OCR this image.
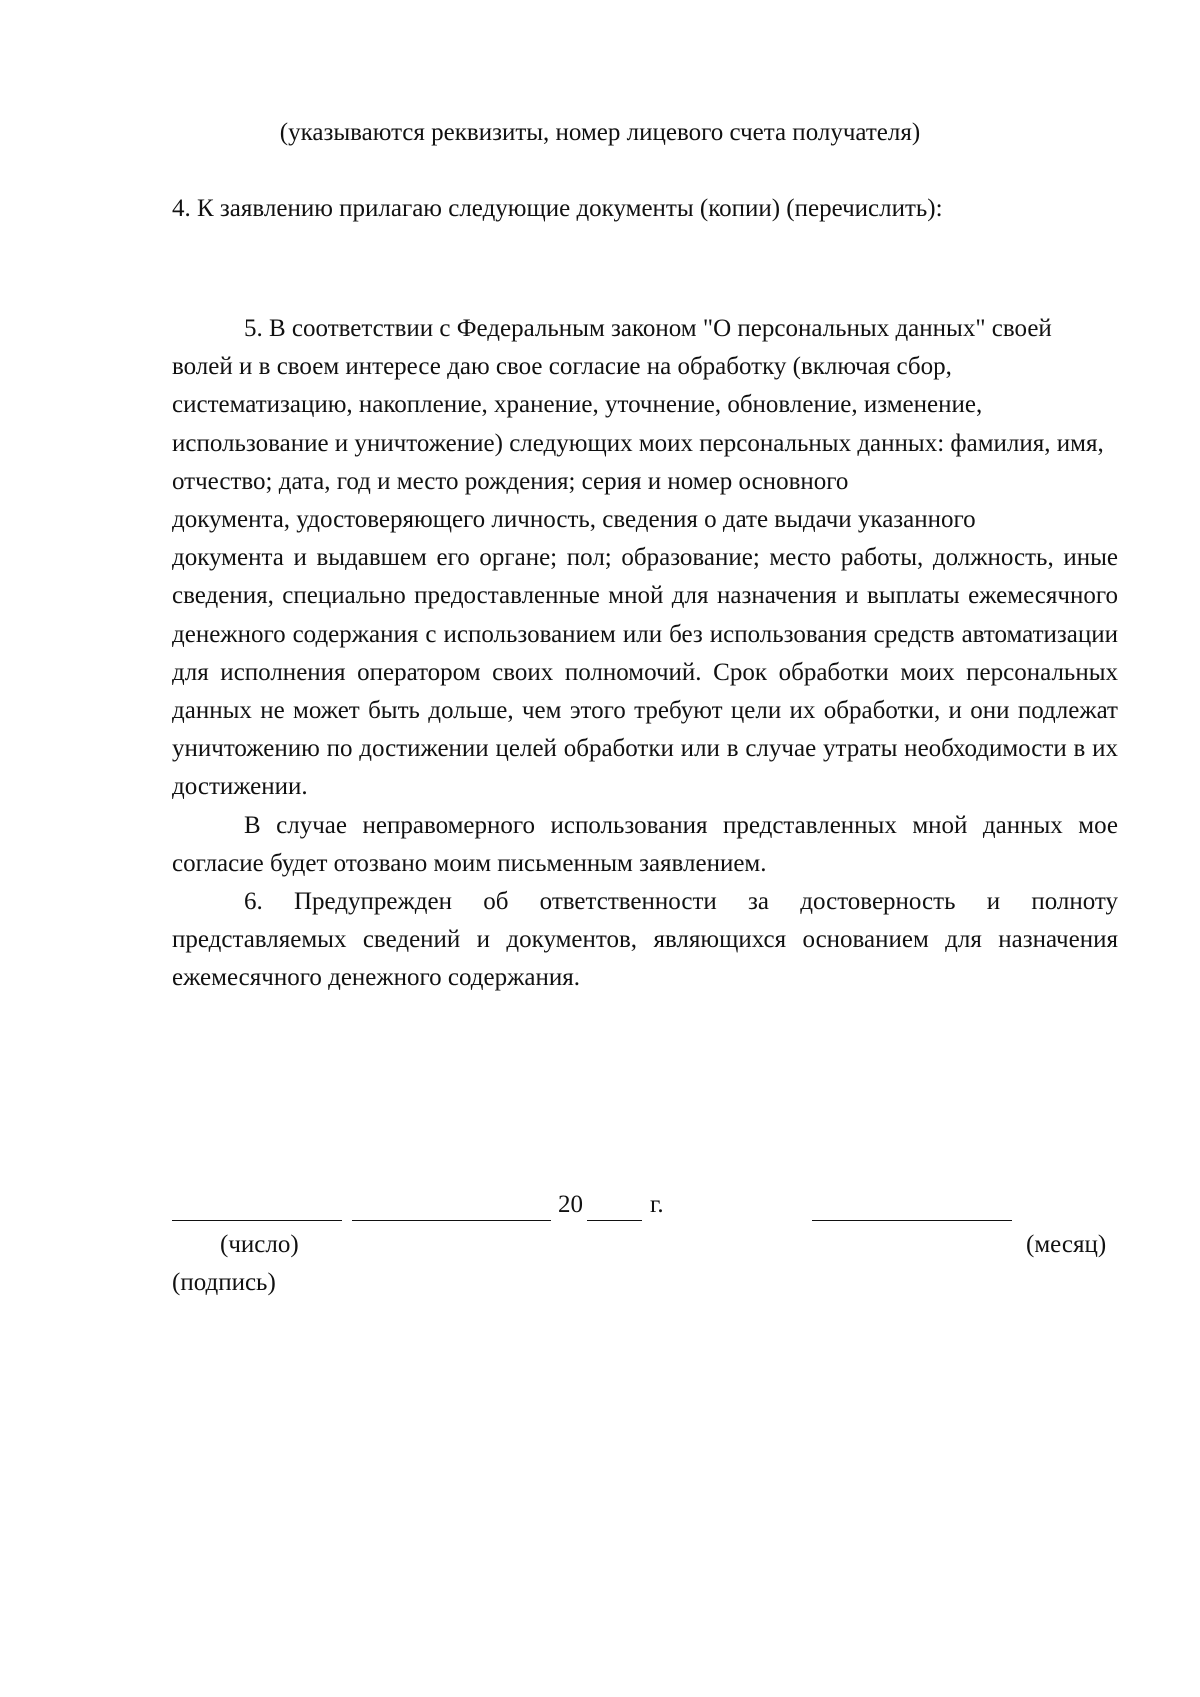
(указываются реквизиты, номер лицевого счета получателя)
4. К заявлению прилагаю следующие документы (копии) (перечислить):

5. В соответствии с Федеральным законом "О персональных данных" своей волей и в своем интересе даю свое согласие на обработку (включая сбор,

систематизацию, накопление, хранение, уточнение, обновление, изменение,

использование и уничтожение) следующих моих персональных данных: фамилия, имя, отчество; дата, год и место рождения; серия и номер основного

документа, удостоверяющего личность, сведения о дате выдачи указанного

документа и выдавшем его органе; пол; образование; место работы, должность, иные сведения, специально предоставленные мной для назначения и выплаты ежемесячного денежного содержания с использованием или без использования средств автоматизации для исполнения оператором своих полномочий. Срок обработки моих персональных данных не может быть дольше, чем этого требуют цели их обработки, и они подлежат уничтожению по достижении целей обработки или в случае утраты необходимости в их достижении.

В случае неправомерного использования представленных мной данных мое согласие будет отозвано моим письменным заявлением.

6. Предупрежден об ответственности за достоверность и полноту представляемых сведений и документов, являющихся основанием для назначения ежемесячного денежного содержания.

20	г.
(число)	(месяц)
(подпись)
